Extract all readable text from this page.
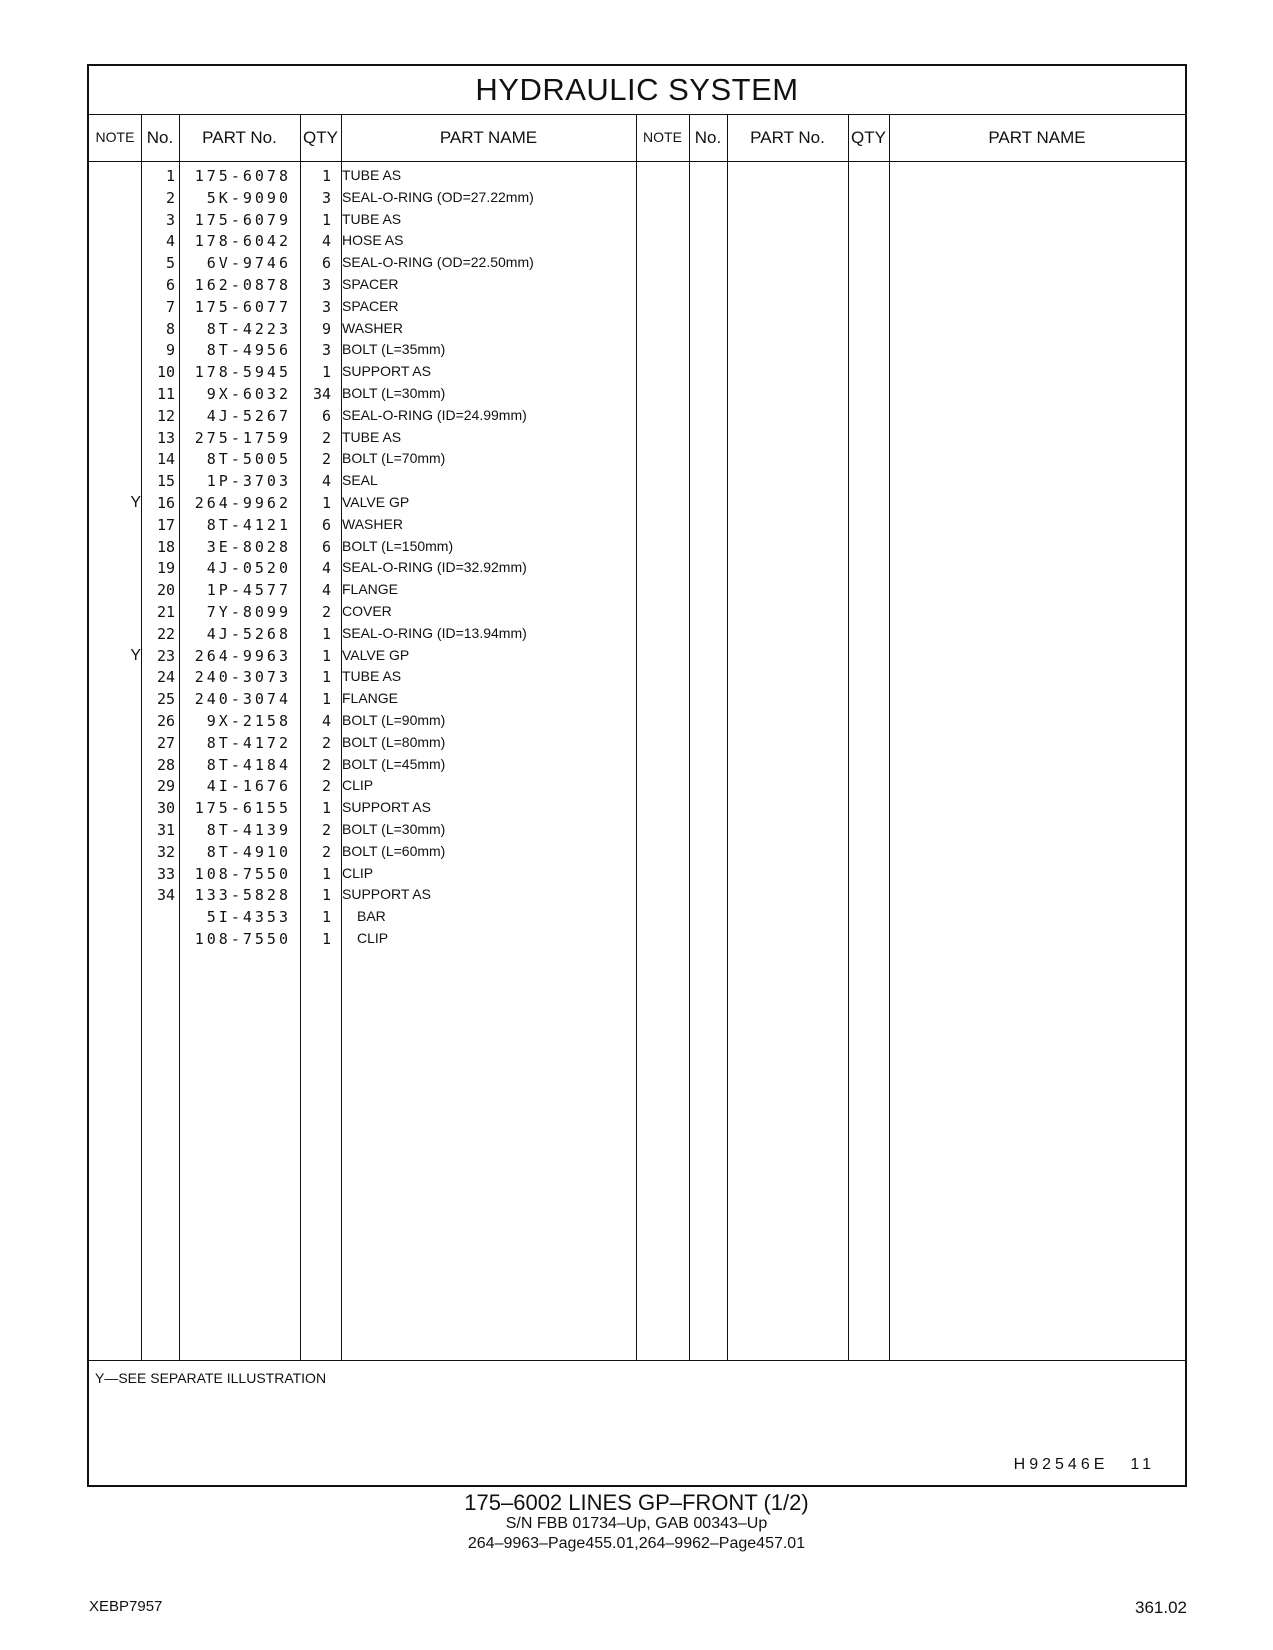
HYDRAULIC SYSTEM
NOTE No.	PART No.	QTY	PART NAME	NOTE No.	PART No.	QTY	PART NAME
1	175-6078	1 TUBE AS
2	5K-9090	3 SEAL-O-RING (OD=27.22mm)
3	175-6079	1 TUBE AS
4	178-6042	4 HOSE AS
5	6V-9746	6 SEAL-O-RING (OD=22.50mm)
6	162-0878	3 SPACER
7	175-6077	3 SPACER
8	8T-4223	9 WASHER
9	8T-4956	3 BOLT (L=35mm)
10	178-5945	1 SUPPORT AS
11	9X-6032	34 BOLT (L=30mm)
12	4J-5267	6 SEAL-O-RING (ID=24.99mm)
13	275-1759	2 TUBE AS
14	8T-5005	2 BOLT (L=70mm)
15	1P-3703	4 SEAL
Y	16	264-9962	1 VALVE GP
17	8T-4121	6 WASHER
18	3E-8028	6 BOLT (L=150mm)
19	4J-0520	4 SEAL-O-RING (ID=32.92mm)
20	1P-4577	4 FLANGE
21	7Y-8099	2 COVER
22	4J-5268	1 SEAL-O-RING (ID=13.94mm)
Y	23	264-9963	1 VALVE GP
24	240-3073	1 TUBE AS
25	240-3074	1 FLANGE
26	9X-2158	4 BOLT (L=90mm)
27	8T-4172	2 BOLT (L=80mm)
28	8T-4184	2 BOLT (L=45mm)
29	4I-1676	2 CLIP
30	175-6155	1 SUPPORT AS
31	8T-4139	2 BOLT (L=30mm)
32	8T-4910	2 BOLT (L=60mm)
33	108-7550	1 CLIP
34	133-5828	1 SUPPORT AS
5I-4353	1 BAR
108-7550	1 CLIP
Y—SEE SEPARATE ILLUSTRATION
H92546E 11
175‒6002 LINES GP‒FRONT (1/2)
S/N FBB 01734‒Up, GAB 00343‒Up
264‒9963‒Page455.01,264‒9962‒Page457.01
XEBP7957	361.02
